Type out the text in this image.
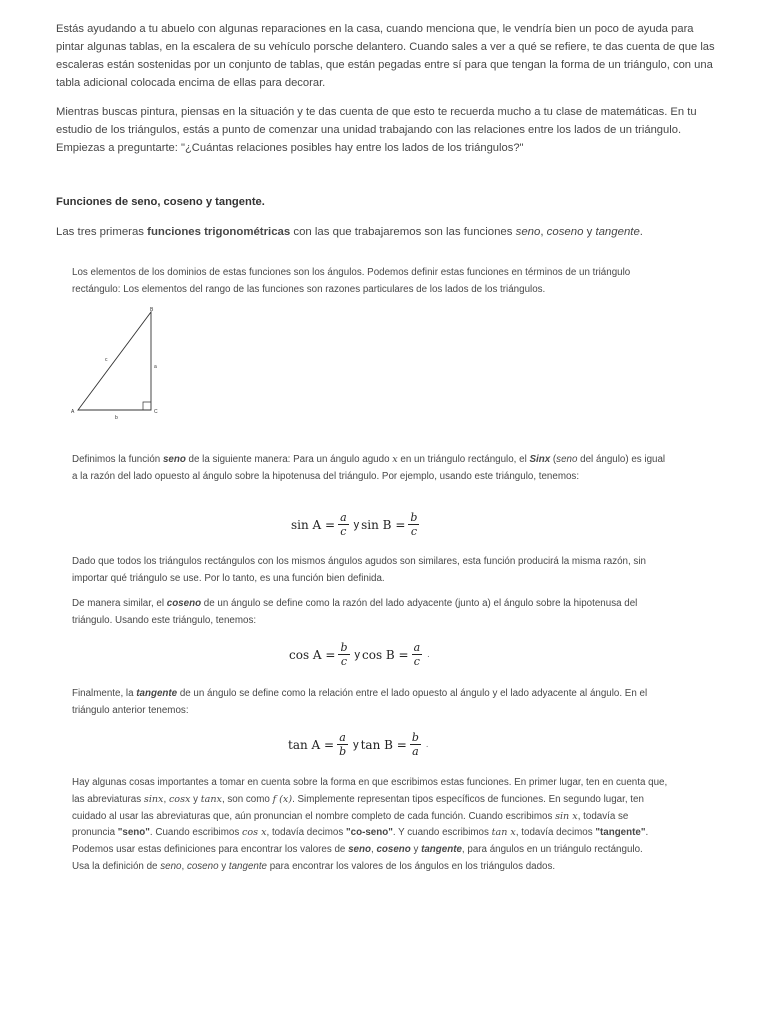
Estás ayudando a tu abuelo con algunas reparaciones en la casa, cuando menciona que, le vendría bien un poco de ayuda para pintar algunas tablas, en la escalera de su vehículo porsche delantero. Cuando sales a ver a qué se refiere, te das cuenta de que las escaleras están sostenidas por un conjunto de tablas, que están pegadas entre sí para que tengan la forma de un triángulo, con una tabla adicional colocada encima de ellas para decorar.

Mientras buscas pintura, piensas en la situación y te das cuenta de que esto te recuerda mucho a tu clase de matemáticas. En tu estudio de los triángulos, estás a punto de comenzar una unidad trabajando con las relaciones entre los lados de un triángulo. Empiezas a preguntarte: "¿Cuántas relaciones posibles hay entre los lados de los triángulos?"

Funciones de seno, coseno y tangente.

Las tres primeras funciones trigonométricas con las que trabajaremos son las funciones seno, coseno y tangente.

Los elementos de los dominios de estas funciones son los ángulos. Podemos definir estas funciones en términos de un triángulo rectángulo: Los elementos del rango de las funciones son razones particulares de los lados de los triángulos.

A
B
C
a
b
c

Definimos la función seno de la siguiente manera: Para un ángulo agudo x en un triángulo rectángulo, el Sinx (seno del ángulo) es igual a la razón del lado opuesto al ángulo sobre la hipotenusa del triángulo. Por ejemplo, usando este triángulo, tenemos:

$\sin A = \frac{a}{c}$ y $\sin B = \frac{b}{c}$

Dado que todos los triángulos rectángulos con los mismos ángulos agudos son similares, esta función producirá la misma razón, sin importar qué triángulo se use. Por lo tanto, es una función bien definida.

De manera similar, el coseno de un ángulo se define como la razón del lado adyacente (junto a) el ángulo sobre la hipotenusa del triángulo. Usando este triángulo, tenemos:

$\cos A = \frac{b}{c}$ y $\cos B = \frac{a}{c}$ .

Finalmente, la tangente de un ángulo se define como la relación entre el lado opuesto al ángulo y el lado adyacente al ángulo. En el triángulo anterior tenemos:

$\tan A = \frac{a}{b}$ y $\tan B = \frac{b}{a}$ .

Hay algunas cosas importantes a tomar en cuenta sobre la forma en que escribimos estas funciones. En primer lugar, ten en cuenta que, las abreviaturas sinx, cosx y tanx, son como f (x). Simplemente representan tipos específicos de funciones. En segundo lugar, ten cuidado al usar las abreviaturas que, aún pronuncian el nombre completo de cada función. Cuando escribimos sin x, todavía se pronuncia "seno". Cuando escribimos cos x, todavía decimos "co-seno". Y cuando escribimos tan x, todavía decimos "tangente".

Podemos usar estas definiciones para encontrar los valores de seno, coseno y tangente, para ángulos en un triángulo rectángulo.

Usa la definición de seno, coseno y tangente para encontrar los valores de los ángulos en los triángulos dados.
